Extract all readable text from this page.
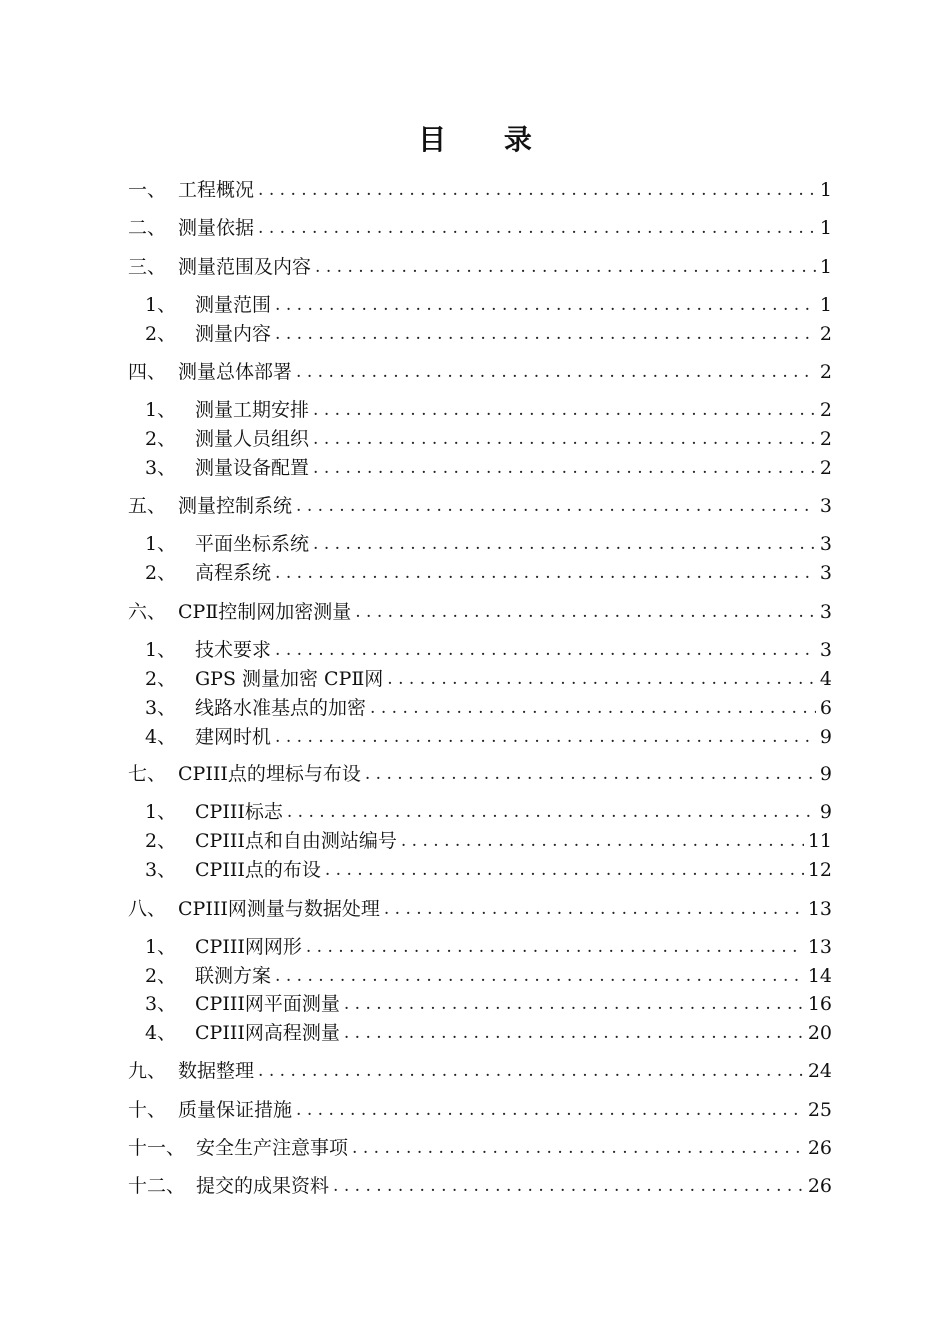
目 录
一、 工程概况 . . .	1
二、 测量依据 . . .	1
三、 测量范围及内容 . . .	1
1、 测量范围 . . .	1
2、 测量内容 . . .	2
四、 测量总体部署 . . .	2
1、 测量工期安排 . . .	2
2、 测量人员组织 . . .	2
3、 测量设备配置 . . .	2
五、 测量控制系统 . . .	3
1、 平面坐标系统 . . .	3
2、 高程系统 . . .	3
六、 CPⅡ控制网加密测量 . . .	3
1、 技术要求 . . .	3
2、 GPS 测量加密 CPⅡ网 . . .	4
3、 线路水准基点的加密 . . .	6
4、 建网时机 . . .	9
七、 CPIII点的埋标与布设 . . .	9
1、 CPIII标志 . . .	9
2、 CPIII点和自由测站编号 . . .	11
3、 CPIII点的布设 . . .	12
八、 CPIII网测量与数据处理 . . .	13
1、 CPIII网网形 . . .	13
2、 联测方案 . . .	14
3、 CPIII网平面测量 . . .	16
4、 CPIII网高程测量 . . .	20
九、 数据整理 . . .	24
十、 质量保证措施 . . .	25
十一、 安全生产注意事项 . . .	26
十二、 提交的成果资料 . . .	26
